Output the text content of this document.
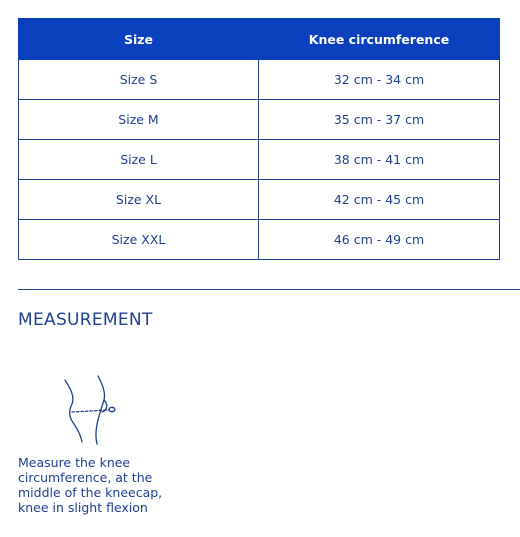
Size	Knee circumference
Size S	32 cm - 34 cm
Size M	35 cm - 37 cm
Size L	38 cm - 41 cm
Size XL	42 cm - 45 cm
Size XXL	46 cm - 49 cm
MEASUREMENT

Measure the knee circumference, at the middle of the kneecap, knee in slight flexion
